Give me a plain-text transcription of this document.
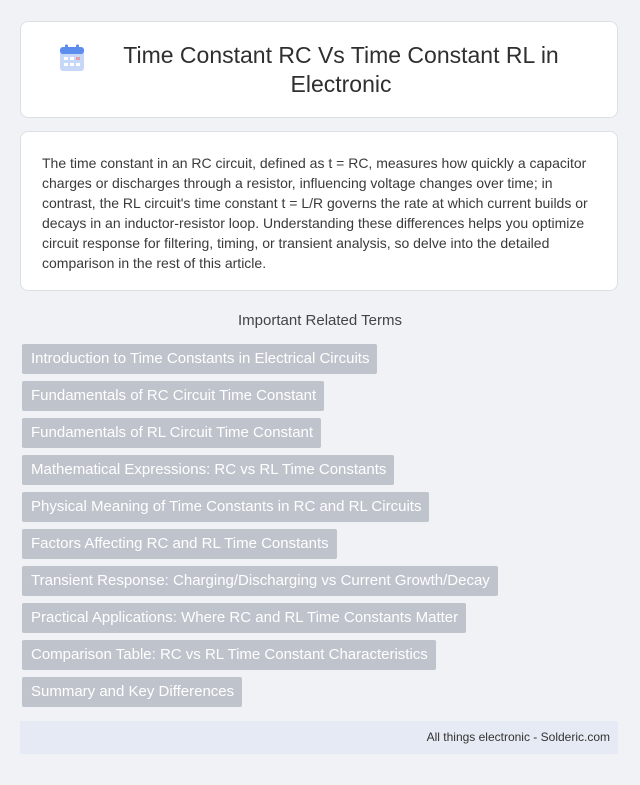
Time Constant RC Vs Time Constant RL in Electronic

The time constant in an RC circuit, defined as t = RC, measures how quickly a capacitor charges or discharges through a resistor, influencing voltage changes over time; in contrast, the RL circuit's time constant t = L/R governs the rate at which current builds or decays in an inductor-resistor loop. Understanding these differences helps you optimize circuit response for filtering, timing, or transient analysis, so delve into the detailed comparison in the rest of this article.

Important Related Terms
Introduction to Time Constants in Electrical Circuits
Fundamentals of RC Circuit Time Constant
Fundamentals of RL Circuit Time Constant
Mathematical Expressions: RC vs RL Time Constants
Physical Meaning of Time Constants in RC and RL Circuits
Factors Affecting RC and RL Time Constants
Transient Response: Charging/Discharging vs Current Growth/Decay
Practical Applications: Where RC and RL Time Constants Matter
Comparison Table: RC vs RL Time Constant Characteristics
Summary and Key Differences
All things electronic - Solderic.com
